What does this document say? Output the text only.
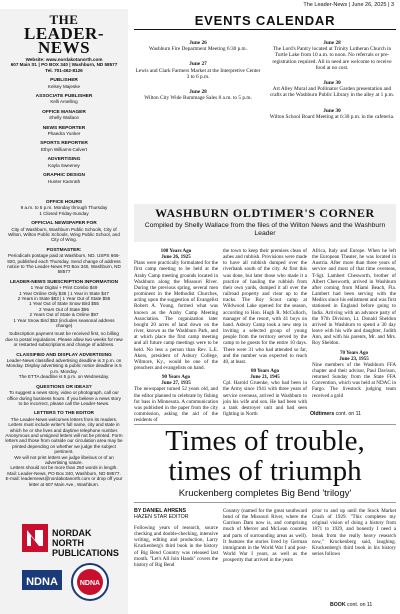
The Leader-News | June 26, 2025 | 3
THE
LEADER-NEWS
Website: www.nordakotanorth.com
607 Main St. | PO BOX 340 | Washburn, ND 58577
Tel. 701-462-8126
PUBLISHER
Kelsey Majeske
ASSOCIATE PUBLISHER
Kelli Amelling
OFFICE MANAGER
Shelly Wallace
NEWS REPORTER
Phaedra Yunker
SPORTS REPORTER
Ethyn Williams-Calvert
ADVERTISING
Kayla Sweeney
GRAPHIC DESIGN
Hunter Kamrath
OFFICE HOURS
9 a.m. to 5 p.m. Monday through Thursday
1 Closed Friday-Sunday
OFFICIAL NEWSPAPER FOR
City of Washburn, Washburn Public Schools, City of Wilton, Wilton Public Schools, Wing Public School, and City of Wing.
POSTMASTER:
Periodicals postage paid at Washburn, ND. USPS 666-920, published each Thursday. Send change of address notice to The Leader-News PO Box 340, Washburn, ND 58577
LEADER-NEWS SUBSCRIPTION INFORMATION
1 Year Digital + Print Combo $49
1 Year Online Only $35 | 1 Year in State $47
2 Years in State $83 | 1 Year Out of State $55
1 Year Out of State Snow Bird $55
2 Years Out of State $95
2 Years Out of State & Online $97
1 Year Snow Bird $53 (includes seasonal address change)
Subscription payment must be received first, no billing due to postal regulations. Please allow two weeks for new or restarted subscriptions and change of address.
CLASSIFIED AND DISPLAY ADVERTISING
Leader-News classified advertising deadline is 3 p.m. on Monday. Display advertising & public notice deadline is 5 p.m. Monday.
The ETTA deadline is 5 p.m. on Wednesday.
QUESTIONS OR IDEAS?
To suggest a news story, video or photograph, call our office during business hours. If you believe a news story to be incorrect, please call the Leader-News.
LETTERS TO THE EDITOR
The Leader-News welcomes letters from its readers. Letters must include writer's full name, city and state in which he or she lives and daytime telephone number. Anonymous and unsigned letters will not be printed. Form letters and those from outside our circulation area may be printed depending on whether we judge the subject pertinent.
We will not print letters we judge libelous or of an advertising nature.
Letters should not be more than 250 words in length. Mail: Leader-News, PO Box 340, Washburn, ND 58577. E-mail: leadernews@nordakotanorth.com or drop off your letter at 607 Main Ave., Washburn.
NORDAK NORTH
PUBLICATIONS
NDNA	NDNA
EVENTS CALENDAR
June 26
Washburn Fire Department Meeting 6:30 p.m.
June 27
Lewis and Clark Farmers Market at the Interpretive Center 3 to 6 p.m.
June 28
Wilton City Wide Rummage Sales 8 a.m. to 5 p.m.
June 28
The Lord's Pantry located at Trinity Lutheran Church in Turtle Lake from 10 a.m. to noon. No referrals or pre-registration required. All in need are welcome to receive food at no cost.
June 30
Art Alley Mural and Pollinator Garden presentation and crafts at the Washburn Public Library in the alley at 1 p.m.
June 30
Wilton School Board Meeting at 6:30 p.m. in the cafeteria.
WASHBURN OLDTIMER'S CORNER
Compiled by Shelly Wallace from the files of the Wilton News and the Washburn Leader
100 Years Ago
June 26, 1925
Plans were practically formulated for the first camp meeting to be held at the Araby Camp meeting grounds located in Washburn along the Missouri River. During the previous spring, several men prominent in the Methodist Churches, acting upon the suggestion of Evangelist Robert A. Young, formed what was known as the Araby Camp Meeting Association. The organization later bought 20 acres of land down on the river, known as the Washburn Park, and at which place the first camp meeting and all future camp meetings were to be held. No less a person than Rev. L.E. Akers, president of Asbury College, Wilmore, Ky., would be one of the preachers and evangelists on hand.
90 Years Ago
June 27, 1935
The newspaper turned 52 years old, and the editor planned to celebrate by fishing for bass in Minnesota. A communication was published in the paper from the city commission, asking the aid of the residents of
the town to keep their premises clean of ashes and rubbish. Provisions were made to have all rubbish dumped over the riverbank south of the city. At first this was done, but later those who made it a practice of hauling the rubbish from their own yards, dumped it all over the railroad property and clear up to the tracks. The Boy Scout camp at Wildwood Lake opened for the season, according to Hon. Hugh R. McCulloch, manager of the resort, with 41 boys on hand. Asbury Camp took a new step in inviting a selected group of young people from the territory served by the camp to be guests for the entire 10 days. There were 31 who had attended so far, and the number was expected to reach 40, at least.
80 Years Ago
June 21, 1945
Cpl. Harold Gruenke, who had been in the Army since 1941 with three years of service overseas, arrived in Washburn to join his wife and son. He had been with a tank destroyer unit and had seen fighting in North
Africa, Italy and Europe. When he left the European Theater, he was located in Austria. After more than three years of service and most of that time overseas, T-Sgt. Lambert Chesworth, brother of Albert Chesworth, arrived in Washburn after coming from Miami Beach, Fla. Lambert had been serving with the Medics since his enlistment and was first stationed in England before going to India. Arriving with an advance party of the 97th Division, Lt. Donald Sheldon arrived in Washburn to spend a 30 day leave with his wife and daughter, Judith Ann, and with his parents, Mr. and Mrs. Roy Sheldon.
70 Years Ago
June 23, 1955
Nine members of the Washburn FFA chapter and their advisor, Paul Davison, returned Sunday from the State FFA Convention, which was held at NDAC in Fargo. The livestock judging team received a gold
Oldtimers cont. on 11
Times of trouble,
times of triumph
Kruckenberg completes Big Bend 'trilogy'
BY DANIEL AHRENS
HAZEN STAR EDITOR
Following years of research, source checking and double-checking, intensive writing, editing and production, Larry Kruckenberg's third book in the history of Big Bend Country was released last month. "Let's All Join Hands" covers the history of Big Bend
Country (named for the great southward bend of the Missouri River, where the Garrison Dam now is, and comprising much of Mercer and McLean counties and parts of surrounding areas as well). It features the stories lived by German immigrants in the World War I and post-World War I years, as well as the prosperity that arrived in the years
prior to and up until the Stock Market Crash of 1929. "This completes my original vision of doing a history from 1871 to 1929, and honestly I need a break from the really heavy research now," Kruckenberg said, laughing. Kruckenberg's third book in his history series follows
BOOK cont. on 11
